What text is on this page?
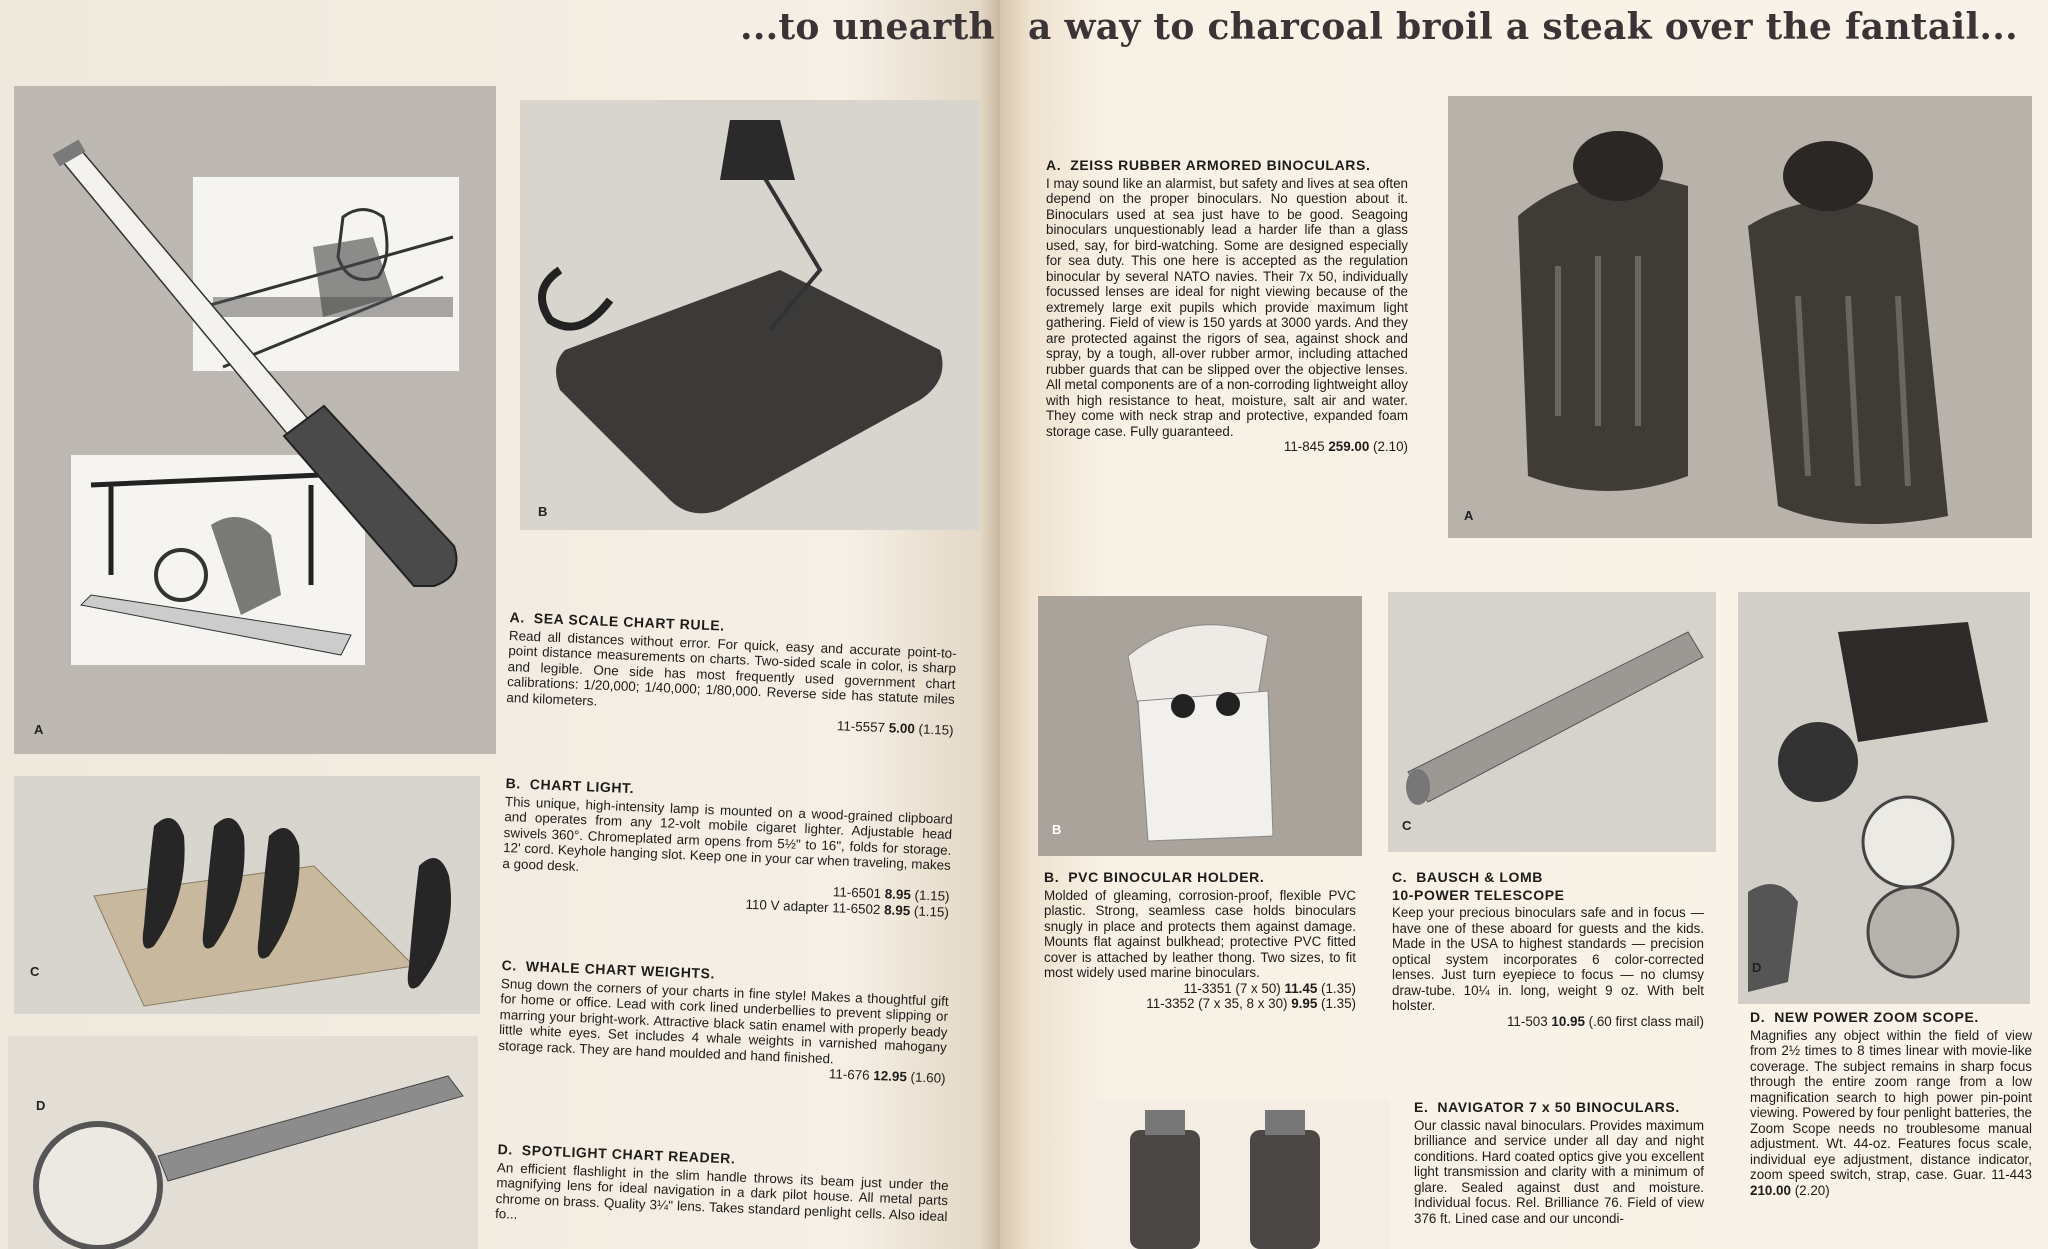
...to unearth
A
B
C
D
A. SEA SCALE CHART RULE.
Read all distances without error. For quick, easy and accurate point-to-point distance measurements on charts. Two-sided scale in color, is sharp and legible. One side has most frequently used government chart calibrations: 1/20,000; 1/40,000; 1/80,000. Reverse side has statute miles and kilometers.
11-5557 5.00 (1.15)
B. CHART LIGHT.
This unique, high-intensity lamp is mounted on a wood-grained clipboard and operates from any 12-volt mobile cigaret lighter. Adjustable head swivels 360°. Chromeplated arm opens from 5½" to 16", folds for storage. 12' cord. Keyhole hanging slot. Keep one in your car when traveling, makes a good desk.
11-6501 8.95 (1.15)
110 V adapter 11-6502 8.95 (1.15)
C. WHALE CHART WEIGHTS.
Snug down the corners of your charts in fine style! Makes a thoughtful gift for home or office. Lead with cork lined underbellies to prevent slipping or marring your bright-work. Attractive black satin enamel with properly beady little white eyes. Set includes 4 whale weights in varnished mahogany storage rack. They are hand moulded and hand finished.
11-676 12.95 (1.60)
D. SPOTLIGHT CHART READER.
An efficient flashlight in the slim handle throws its beam just under the magnifying lens for ideal navigation in a dark pilot house. All metal parts chrome on brass. Quality 3¼" lens. Takes standard penlight cells. Also ideal fo...
a way to charcoal broil a steak over the fantail...
A. ZEISS RUBBER ARMORED BINOCULARS.
I may sound like an alarmist, but safety and lives at sea often depend on the proper binoculars. No question about it. Binoculars used at sea just have to be good. Seagoing binoculars unquestionably lead a harder life than a glass used, say, for bird-watching. Some are designed especially for sea duty. This one here is accepted as the regulation binocular by several NATO navies. Their 7x 50, individually focussed lenses are ideal for night viewing because of the extremely large exit pupils which provide maximum light gathering. Field of view is 150 yards at 3000 yards. And they are protected against the rigors of sea, against shock and spray, by a tough, all-over rubber armor, including attached rubber guards that can be slipped over the objective lenses. All metal components are of a non-corroding lightweight alloy with high resistance to heat, moisture, salt air and water. They come with neck strap and protective, expanded foam storage case. Fully guaranteed.
11-845 259.00 (2.10)
A
B	C
D
B. PVC BINOCULAR HOLDER.
Molded of gleaming, corrosion-proof, flexible PVC plastic. Strong, seamless case holds binoculars snugly in place and protects them against damage. Mounts flat against bulkhead; protective PVC fitted cover is attached by leather thong. Two sizes, to fit most widely used marine binoculars.
11-3351 (7 x 50) 11.45 (1.35)
11-3352 (7 x 35, 8 x 30) 9.95 (1.35)
C. BAUSCH & LOMB
10-POWER TELESCOPE
Keep your precious binoculars safe and in focus — have one of these aboard for guests and the kids. Made in the USA to highest standards — precision optical system incorporates 6 color-corrected lenses. Just turn eyepiece to focus — no clumsy draw-tube. 10¼ in. long, weight 9 oz. With belt holster.
11-503 10.95 (.60 first class mail)	D. NEW POWER ZOOM SCOPE.
Magnifies any object within the field of view from 2½ times to 8 times linear with movie-like coverage. The subject remains in sharp focus through the entire zoom range from a low magnification search to high power pin-point viewing. Powered by four penlight batteries, the Zoom Scope needs no troublesome manual adjustment. Wt. 44-oz. Features focus scale, individual eye adjustment, distance indicator, zoom speed switch, strap, case. Guar. 11-443 210.00 (2.20)
E. NAVIGATOR 7 x 50 BINOCULARS.
Our classic naval binoculars. Provides maximum brilliance and service under all day and night conditions. Hard coated optics give you excellent light transmission and clarity with a minimum of glare. Sealed against dust and moisture. Individual focus. Rel. Brilliance 76. Field of view 376 ft. Lined case and our uncondi-
